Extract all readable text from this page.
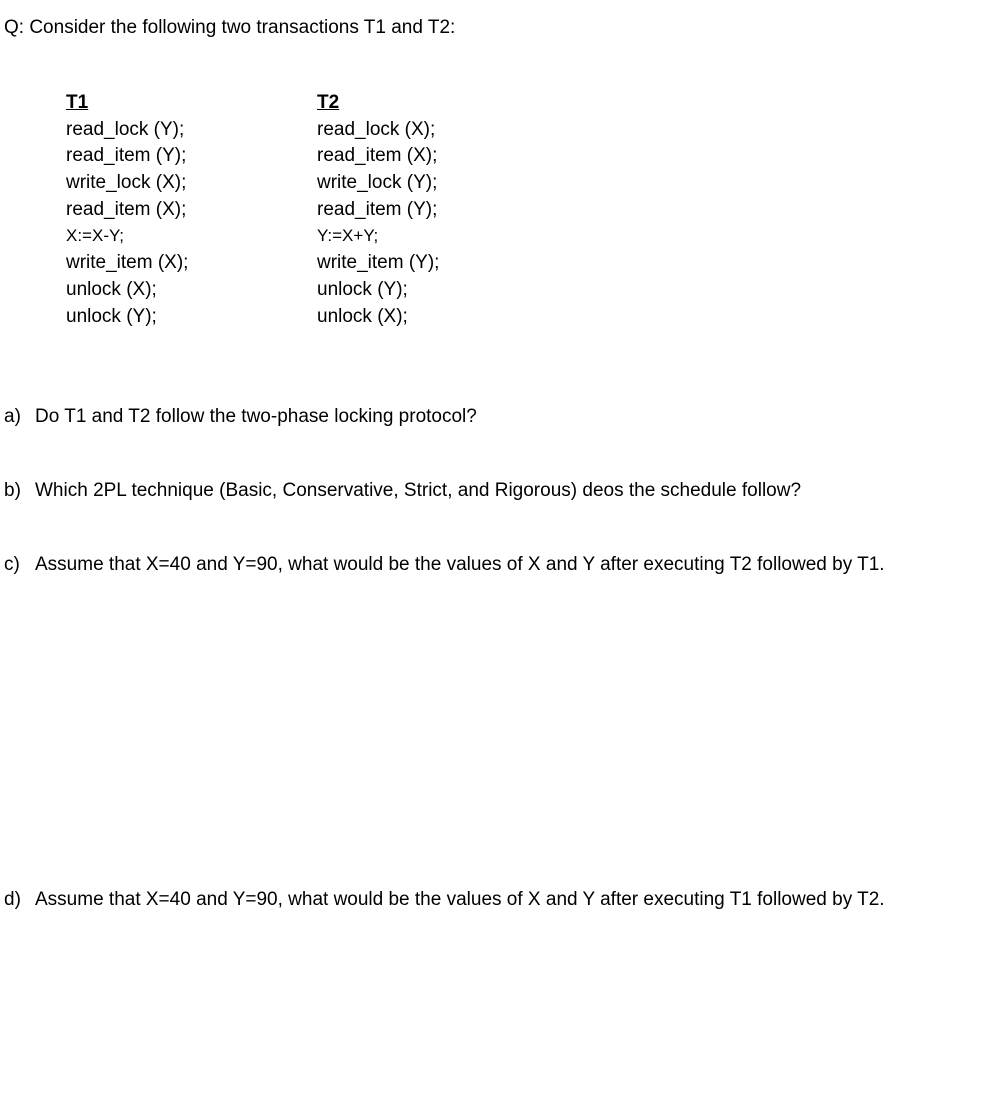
Q: Consider the following two transactions T1 and T2:
T1
read_lock (Y);
read_item (Y);
write_lock (X);
read_item (X);
X:=X-Y;
write_item (X);
unlock (X);
unlock (Y);
T2
read_lock (X);
read_item (X);
write_lock (Y);
read_item (Y);
Y:=X+Y;
write_item (Y);
unlock (Y);
unlock (X);
a) Do T1 and T2 follow the two-phase locking protocol?
b) Which 2PL technique (Basic, Conservative, Strict, and Rigorous) deos the schedule follow?
c) Assume that X=40 and Y=90, what would be the values of X and Y after executing T2 followed by T1.
d) Assume that X=40 and Y=90, what would be the values of X and Y after executing T1 followed by T2.
